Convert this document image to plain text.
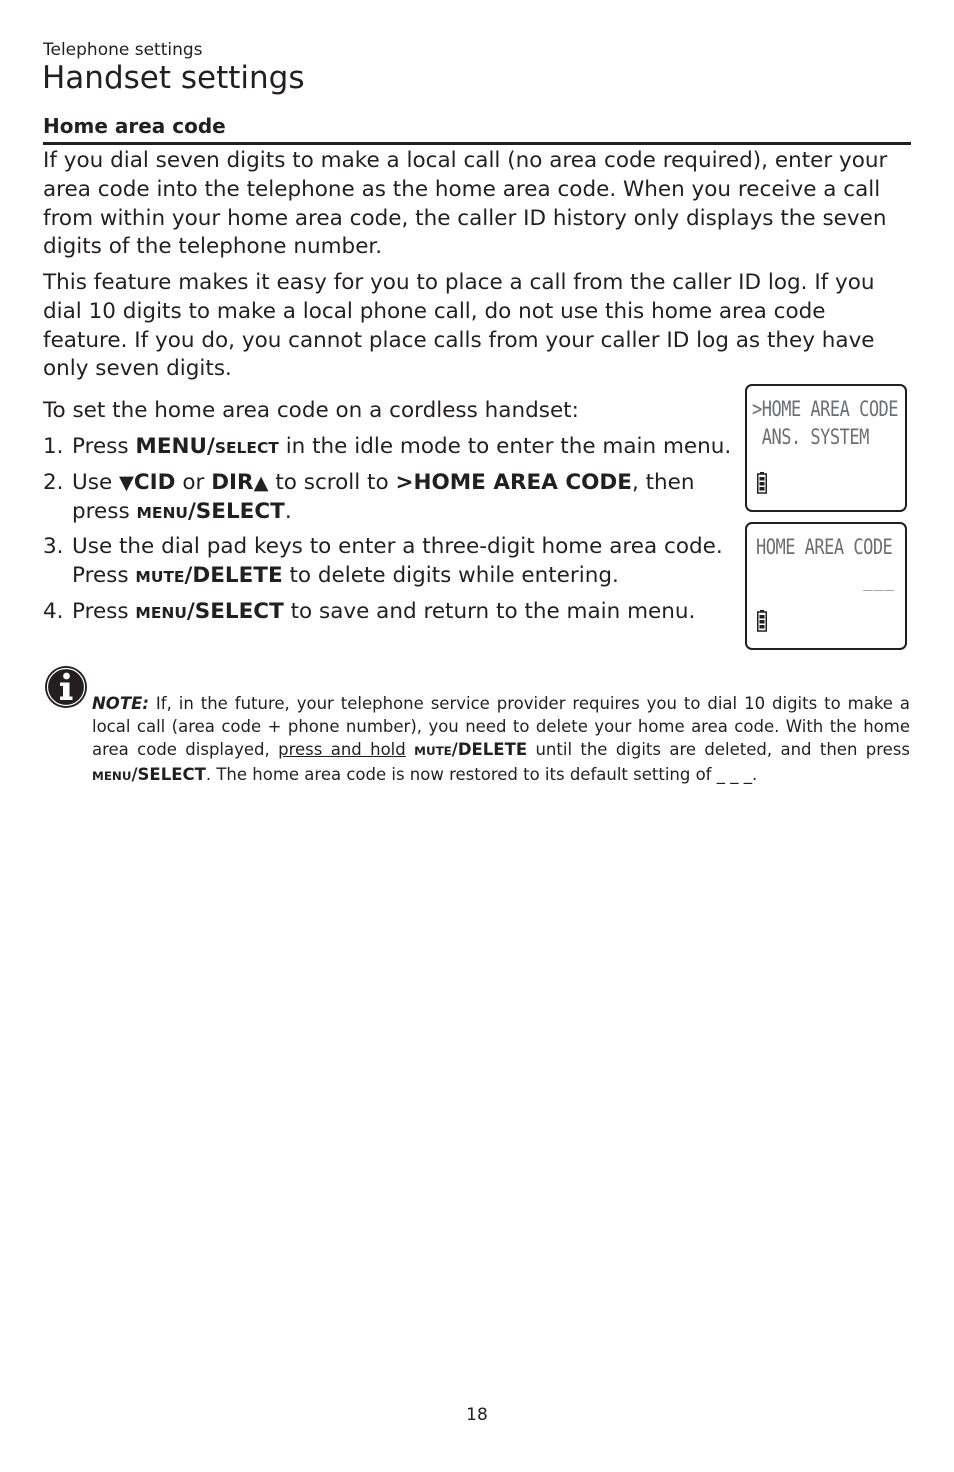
Telephone settings
Handset settings
Home area code

If you dial seven digits to make a local call (no area code required), enter your area code into the telephone as the home area code. When you receive a call from within your home area code, the caller ID history only displays the seven digits of the telephone number.

This feature makes it easy for you to place a call from the caller ID log. If you dial 10 digits to make a local phone call, do not use this home area code feature. If you do, you cannot place calls from your caller ID log as they have only seven digits.

To set the home area code on a cordless handset:

1. Press MENU/SELECT in the idle mode to enter the main menu.
2. Use ▼CID or DIR▲ to scroll to >HOME AREA CODE, then press MENU/SELECT.
3. Use the dial pad keys to enter a three-digit home area code. Press MUTE/DELETE to delete digits while entering.
4. Press MENU/SELECT to save and return to the main menu.
>HOME AREA CODE
ANS. SYSTEM
HOME AREA CODE
___

NOTE: If, in the future, your telephone service provider requires you to dial 10 digits to make a local call (area code + phone number), you need to delete your home area code. With the home area code displayed, press and hold MUTE/DELETE until the digits are deleted, and then press MENU/SELECT. The home area code is now restored to its default setting of _ _ _.

18
